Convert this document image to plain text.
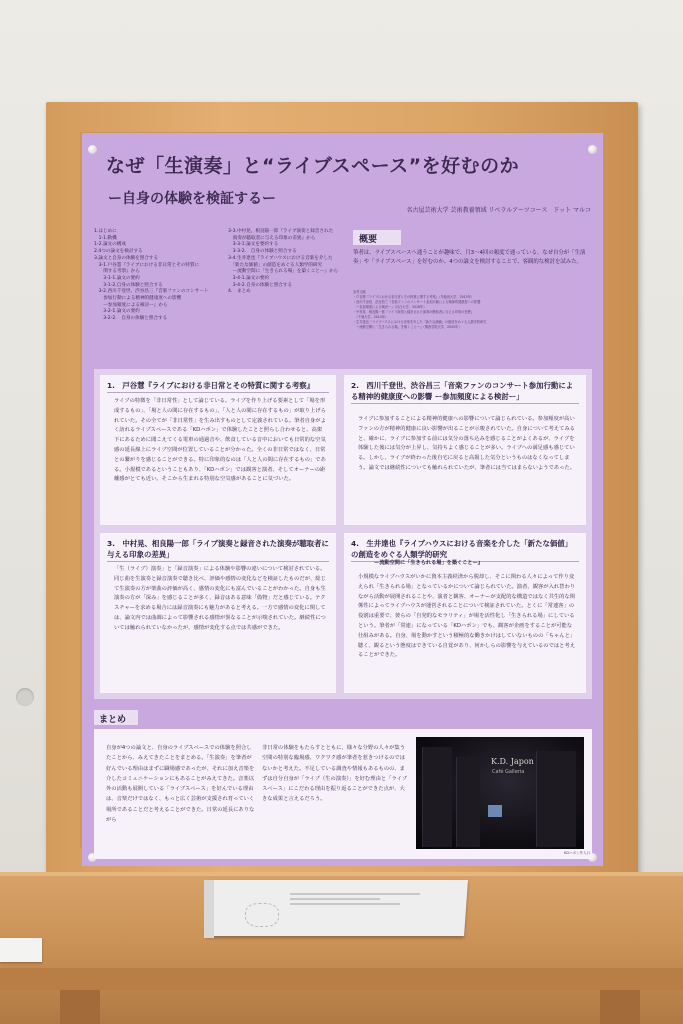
なぜ「生演奏」と“ライブスペース”を好むのか
ー自身の体験を検証するー
名古屋芸術大学 芸術教養領域 リベラルアーツコース　ドット マルコ
1.はじめに
　1-1.動機
1-2.論文の構成
2.4つの論文を検討する
3.論文と自身の体験を照合する
　3-1.戸谷慧『ライブにおける非日常とその特質に
　　関する考察』から
　　3-1-1.論文の要約
　　3-1-2.自身の体験と照合する
　3-2.西川千登世、渋谷昌三『音楽ファンのコンサート
　　参加行動による精神的健康度への影響
　　ー参加頻度による検討ー』から
　　3-2-1.論文の要約
　　3-2-2.　自身の体験と照合する
3-3.中村晃、相良陽一郎『ライブ演奏と録音された
　演奏が聴取者に与える印象の差異』から
　3-3-1.論文を要約する
　3-3-2.　自身の体験と照合する
3-4.生井達也『ライブハウスにおける音楽を介した
　「新たな価値」の創造をめぐる人類学的研究
　ー流動空間に「生きられる場」を築くことー』から
　3-4-1.論文の要約
　3-4-2.自身の体験と照合する
4.　まとめ
概要
筆者は、ライブスペースへ通うことが趣味で、月3〜4回の頻度で通っている。なぜ自分が「生演奏」や「ライブスペース」を好むのか、4つの論文を検討することで、客観的な検討を試みた。
参考文献
・戸谷慧『ライブにおける非日常とその特質に関する考察』（早稲田大学、2015年）
・西川千登世、渋谷昌三『音楽ファンのコンサート参加行動による精神的健康度への影響
　ー参加頻度による検討ー』（目白大学、2016年）
・中村晃、相良陽一郎『ライブ演奏と録音された演奏が聴取者に与える印象の差異』
　（千葉大学、2014年）
・生井達也『ライブハウスにおける音楽を介した「新たな価値」の創造をめぐる人類学的研究
　ー流動空間に「生きられる場」を築くことー』（関西学院大学、2020年）
1.　戸谷慧『ライブにおける非日常とその特質に関する考察』
ライブの特徴を「非日常性」として論じている。ライブを作り上げる要素として「場を形成するもの」、「場と人の間に存在するもの」、「人と人の間に存在するもの」が取り上げられていた。その全てが「非日常性」を生み出すものとして定義されている。筆者自身がよく訪れるライブスペースである「KDハポン」で体験したことと照らし合わせると、高架下にあるために聞こえてくる電車の通過音や、飲食している音中においても日常的な空気感の延長線上にライブ空間が位置していることが分かった。全くの非日常ではなく、日常との繋がりを感じることができる。特に印象的なのは「人と人の間に存在するもの」である。小規模であるということもあり、「KDハポン」では観客と演者、そしてオーナーの距離感がとても近い。そこから生まれる特別な空気感があることに気づいた。
2.　西川千登世、渋谷昌三「音楽ファンのコンサート参加行動による精神的健康度への影響 ー参加頻度による検討ー」
ライブに参加することによる精神的健康への影響について論じられている。参加頻度が高いファンの方が精神的健康に良い影響が出ることが示唆されていた。自身について考えてみると、確かに、ライブに参加する前には気分の落ち込みを感じることがよくあるが、ライブを体験した後には気分が上昇し、気持ちよく感じることが多い。ライブへの満足感も感じている。しかし、ライブが終わった後自宅に戻ると高揚した気分というものはなくなってしまう。論文では継続性についても触れられていたが、筆者には当てはまらないようであった。
3.　中村晃、相良陽一郎「ライブ演奏と録音された演奏が聴取者に与える印象の差異」
「生（ライブ）演奏」と「録音演奏」による体験や影響の違いについて検討されている。同じ曲を生演奏と録音演奏で聴き比べ、評価や感情の変化などを検証したものだが、総じて生演奏の方が楽曲の評価が高く、感情の変化にも富んでいることがわかった。自身も生演奏の方が「深み」を感じることが多く、録音はある意味「偽物」だと感じている。テクスチャーを求める場合には録音演奏にも魅力があると考える。一方で感情の変化に関しては、論文内では曲調によって影響される感情が異なることが示唆されていた。継続性については触れられていなかったが、感情が変化する点では共感ができた。
4.　生井達也『ライブハウスにおける音楽を介した「新たな価値」の創造をめぐる人類学的研究
ー流動空間に「生きられる場」を築くことー』
小規模なライブハウスがいかに資本主義経済から脱却し、そこに関わる人々によって作り変えられ「生きられる場」となっているかについて論じられていた。演者、観客が入れ替わりながら活動が展開されることや、演者と観客、オーナーが支配的な構造ではなく共生的な関係性によってライブハウスが運営されることについて検証されていた。とくに「常連客」の役割は重要で、彼らの「自発的なモラリティ」が場を活性化し「生きられる場」にしているという。筆者が「常連」になっている「KDハポン」でも、観客が企画をすることが可能な仕組みがある。自身、場を動かすという積極的な働きかけはしていないものの「ちゃんと」聴く、観るという態度はできている自覚があり、何かしらの影響を与えているのではと考えることができた。
まとめ
自身が4つの論文と、自身のライブスペースでの体験を照合したことから、みえてきたことをまとめる。「生演奏」を筆者が好んでいる理由はまずに職場感であったが、それに加え音楽を介したコミュニケーションにもあることがみえてきた。音楽以外の活動も展開している「ライブスペース」を好んでいる理由は、音楽だけではなく、もっと広く芸術が支援され育っていく場所であることだと考えることができた。日常の延長にありながら
非日常の体験をもたらすとともに、様々な分野の人々が集う空間の特別な臨場感、ワクワク感が筆者を惹きつけるのではないかと考えた。不足している調査や情報もあるものの、まずは自分自身が「ライブ（生の演奏）」を好む理由と「ライブスペース」にこだわる理由を振り返ることができた点が、大きな成果と言えるだろう。
K.D. Japon
Café Galleria
KDハポン外入口
